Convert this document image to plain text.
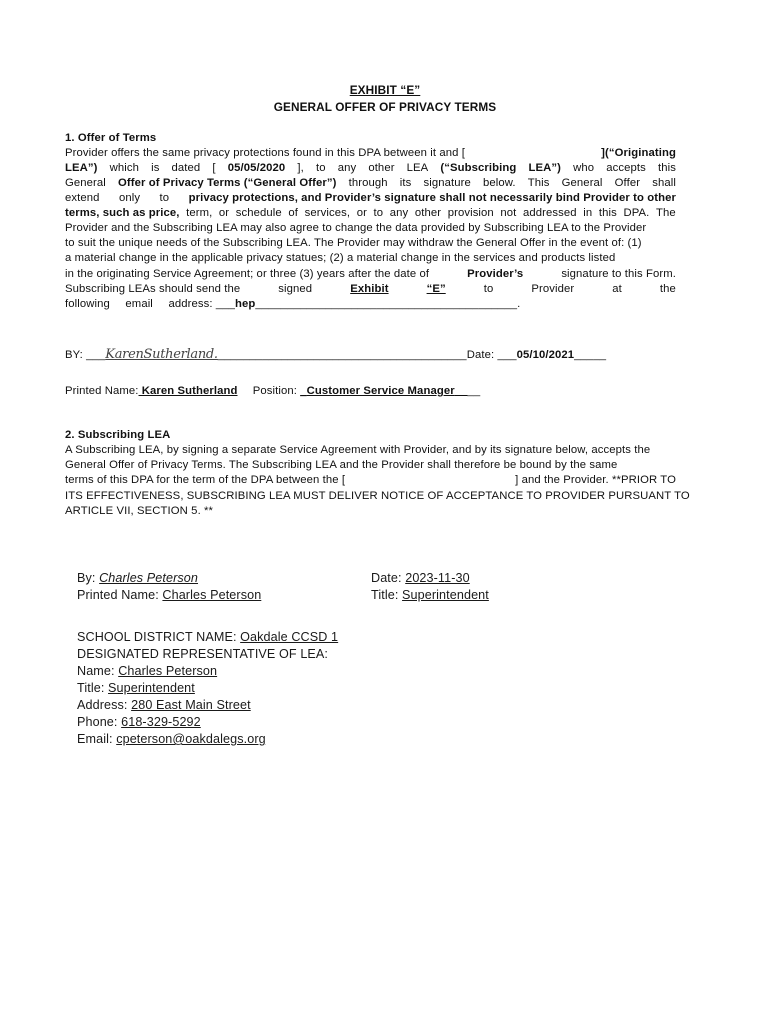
EXHIBIT “E”
GENERAL OFFER OF PRIVACY TERMS
1. Offer of Terms
Provider offers the same privacy protections found in this DPA between it and [	](“Originating
LEA”) which is dated [ 05/05/2020 ], to any other LEA (“Subscribing LEA”) who accepts this
General Offer of Privacy Terms (“General Offer”) through its signature below. This General Offer shall
extend only to privacy protections, and Provider’s signature shall not necessarily bind Provider to other
terms, such as price, term, or schedule of services, or to any other provision not addressed in this DPA. The
Provider and the Subscribing LEA may also agree to change the data provided by Subscribing LEA to the Provider
to suit the unique needs of the Subscribing LEA. The Provider may withdraw the General Offer in the event of: (1)
a material change in the applicable privacy statues; (2) a material change in the services and products listed
in the originating Service Agreement; or three (3) years after the date of	Provider’s	signature to this Form.
Subscribing LEAs should send the	signed	Exhibit	“E”	to	Provider	at	the
following email address: ___hep_________________________________________.
BY: ___KarenSutherland._______________________________________Date: ___05/10/2021_____
Printed Name: Karen Sutherland Position: _Customer Service Manager____
2. Subscribing LEA
A Subscribing LEA, by signing a separate Service Agreement with Provider, and by its signature below, accepts the
General Offer of Privacy Terms. The Subscribing LEA and the Provider shall therefore be bound by the same
terms of this DPA for the term of the DPA between the [	] and the Provider. **PRIOR TO
ITS EFFECTIVENESS, SUBSCRIBING LEA MUST DELIVER NOTICE OF ACCEPTANCE TO PROVIDER PURSUANT TO
ARTICLE VII, SECTION 5. **
By: Charles Peterson
Printed Name: Charles Peterson
Date: 2023-11-30
Title: Superintendent
SCHOOL DISTRICT NAME: Oakdale CCSD 1
DESIGNATED REPRESENTATIVE OF LEA:
Name: Charles Peterson
Title: Superintendent
Address: 280 East Main Street
Phone: 618-329-5292
Email: cpeterson@oakdalegs.org
